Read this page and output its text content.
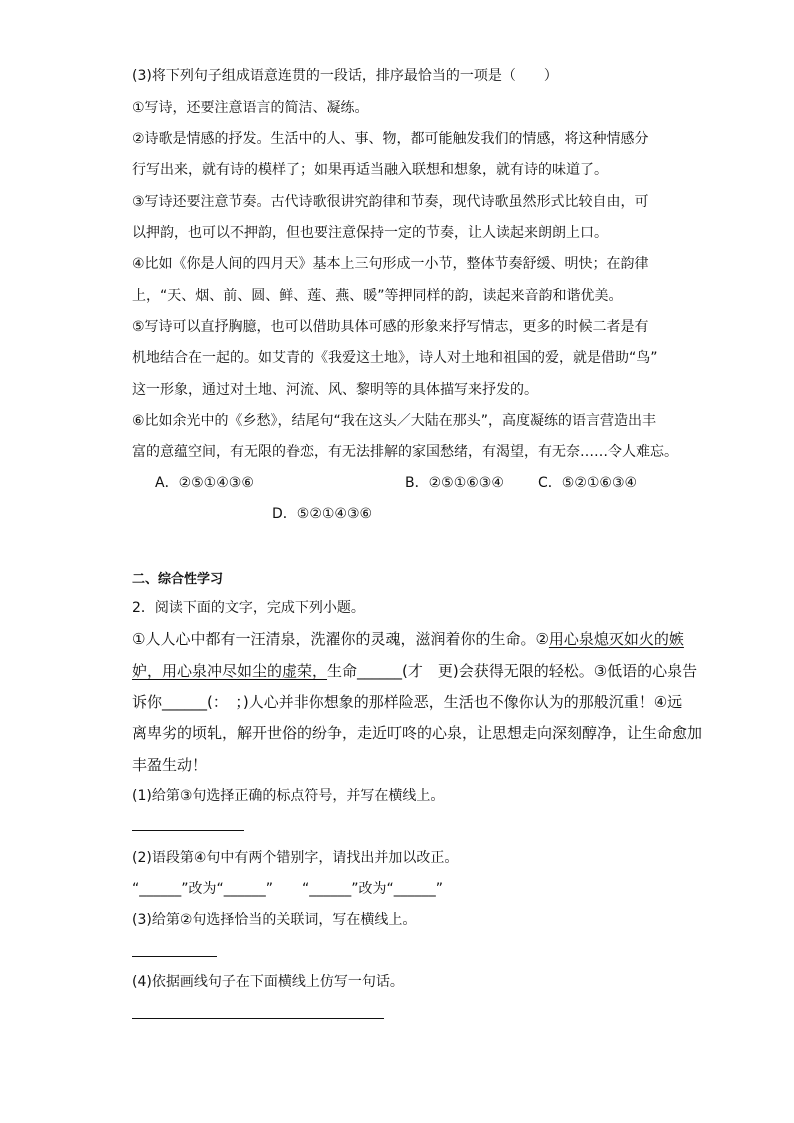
(3)将下列句子组成语意连贯的一段话，排序最恰当的一项是（　　）
①写诗，还要注意语言的简洁、凝练。
②诗歌是情感的抒发。生活中的人、事、物，都可能触发我们的情感，将这种情感分
行写出来，就有诗的模样了；如果再适当融入联想和想象，就有诗的味道了。
③写诗还要注意节奏。古代诗歌很讲究韵律和节奏，现代诗歌虽然形式比较自由，可
以押韵，也可以不押韵，但也要注意保持一定的节奏，让人读起来朗朗上口。
④比如《你是人间的四月天》基本上三句形成一小节，整体节奏舒缓、明快；在韵律
上，“天、烟、前、圆、鲜、莲、燕、暖”等押同样的韵，读起来音韵和谐优美。
⑤写诗可以直抒胸臆，也可以借助具体可感的形象来抒写情志，更多的时候二者是有
机地结合在一起的。如艾青的《我爱这土地》，诗人对土地和祖国的爱，就是借助“鸟”
这一形象，通过对土地、河流、风、黎明等的具体描写来抒发的。
⑥比如余光中的《乡愁》，结尾句“我在这头／大陆在那头”，高度凝练的语言营造出丰
富的意蕴空间，有无限的眷恋，有无法排解的家国愁绪，有渴望，有无奈……令人难忘。
A．②⑤①④③⑥	B．②⑤①⑥③④ C．⑤②①⑥③④
D．⑤②①④③⑥
二、综合性学习
2．阅读下面的文字，完成下列小题。
①人人心中都有一汪清泉，洗濯你的灵魂，滋润着你的生命。②用心泉熄灭如火的嫉
妒，用心泉冲尽如尘的虚荣，生命______(才　更)会获得无限的轻松。③低语的心泉告
诉你______(：　；)人心并非你想象的那样险恶，生活也不像你认为的那般沉重！④远
离卑劣的顷轧，解开世俗的纷争，走近叮咚的心泉，让思想走向深刻醇净，让生命愈加
丰盈生动！
(1)给第③句选择正确的标点符号，并写在横线上。
(2)语段第④句中有两个错别字，请找出并加以改正。
“______”改为“______” “______”改为“______”
(3)给第②句选择恰当的关联词，写在横线上。
(4)依据画线句子在下面横线上仿写一句话。
